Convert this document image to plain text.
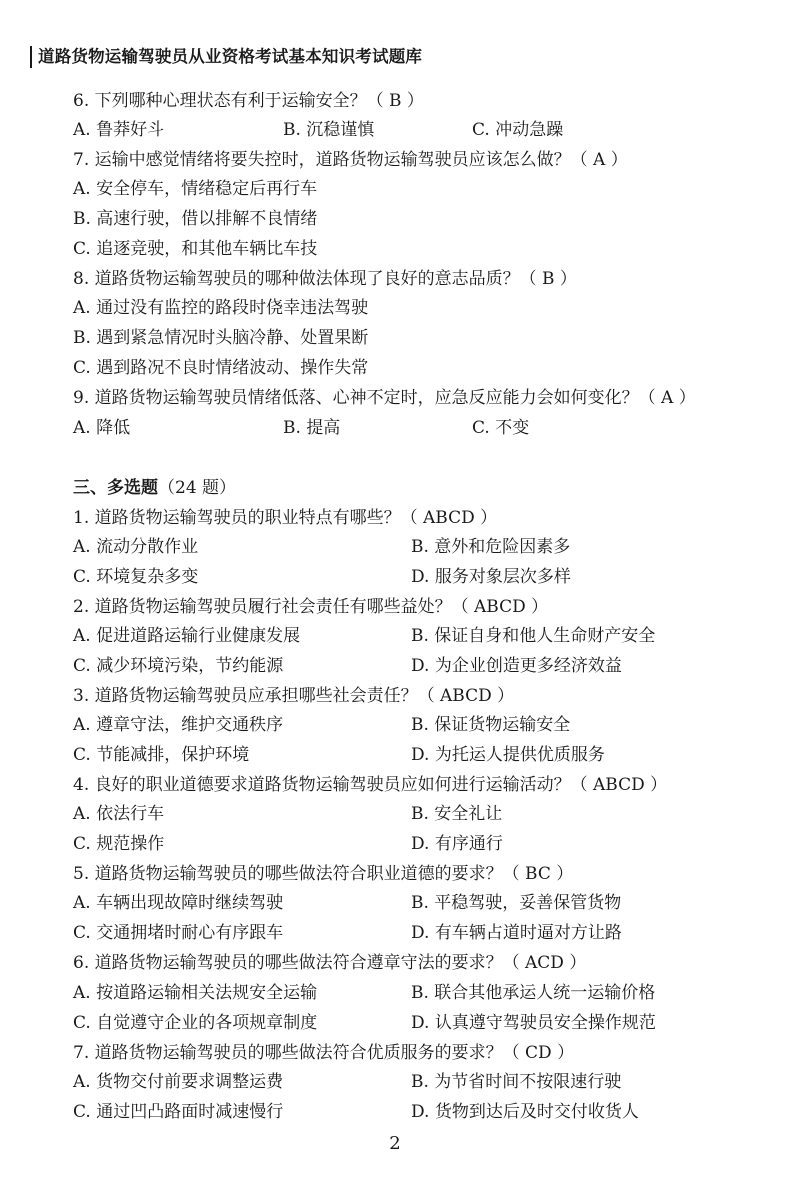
道路货物运输驾驶员从业资格考试基本知识考试题库
6. 下列哪种心理状态有利于运输安全？（ B ）
A. 鲁莽好斗	B. 沉稳谨慎	C. 冲动急躁
7. 运输中感觉情绪将要失控时，道路货物运输驾驶员应该怎么做？（ A ）
A. 安全停车，情绪稳定后再行车
B. 高速行驶，借以排解不良情绪
C. 追逐竞驶，和其他车辆比车技
8. 道路货物运输驾驶员的哪种做法体现了良好的意志品质？（ B ）
A. 通过没有监控的路段时侥幸违法驾驶
B. 遇到紧急情况时头脑冷静、处置果断
C. 遇到路况不良时情绪波动、操作失常
9. 道路货物运输驾驶员情绪低落、心神不定时，应急反应能力会如何变化？（ A ）
A. 降低	B. 提高	C. 不变
三、多选题（24 题）
1. 道路货物运输驾驶员的职业特点有哪些？（ ABCD ）
A. 流动分散作业	B. 意外和危险因素多
C. 环境复杂多变	D. 服务对象层次多样
2. 道路货物运输驾驶员履行社会责任有哪些益处？（ ABCD ）
A. 促进道路运输行业健康发展	B. 保证自身和他人生命财产安全
C. 减少环境污染，节约能源	D. 为企业创造更多经济效益
3. 道路货物运输驾驶员应承担哪些社会责任？（ ABCD ）
A. 遵章守法，维护交通秩序	B. 保证货物运输安全
C. 节能减排，保护环境	D. 为托运人提供优质服务
4. 良好的职业道德要求道路货物运输驾驶员应如何进行运输活动？（ ABCD ）
A. 依法行车	B. 安全礼让
C. 规范操作	D. 有序通行
5. 道路货物运输驾驶员的哪些做法符合职业道德的要求？（ BC ）
A. 车辆出现故障时继续驾驶	B. 平稳驾驶，妥善保管货物
C. 交通拥堵时耐心有序跟车	D. 有车辆占道时逼对方让路
6. 道路货物运输驾驶员的哪些做法符合遵章守法的要求？（ ACD ）
A. 按道路运输相关法规安全运输	B. 联合其他承运人统一运输价格
C. 自觉遵守企业的各项规章制度	D. 认真遵守驾驶员安全操作规范
7. 道路货物运输驾驶员的哪些做法符合优质服务的要求？（ CD ）
A. 货物交付前要求调整运费	B. 为节省时间不按限速行驶
C. 通过凹凸路面时减速慢行	D. 货物到达后及时交付收货人
2
